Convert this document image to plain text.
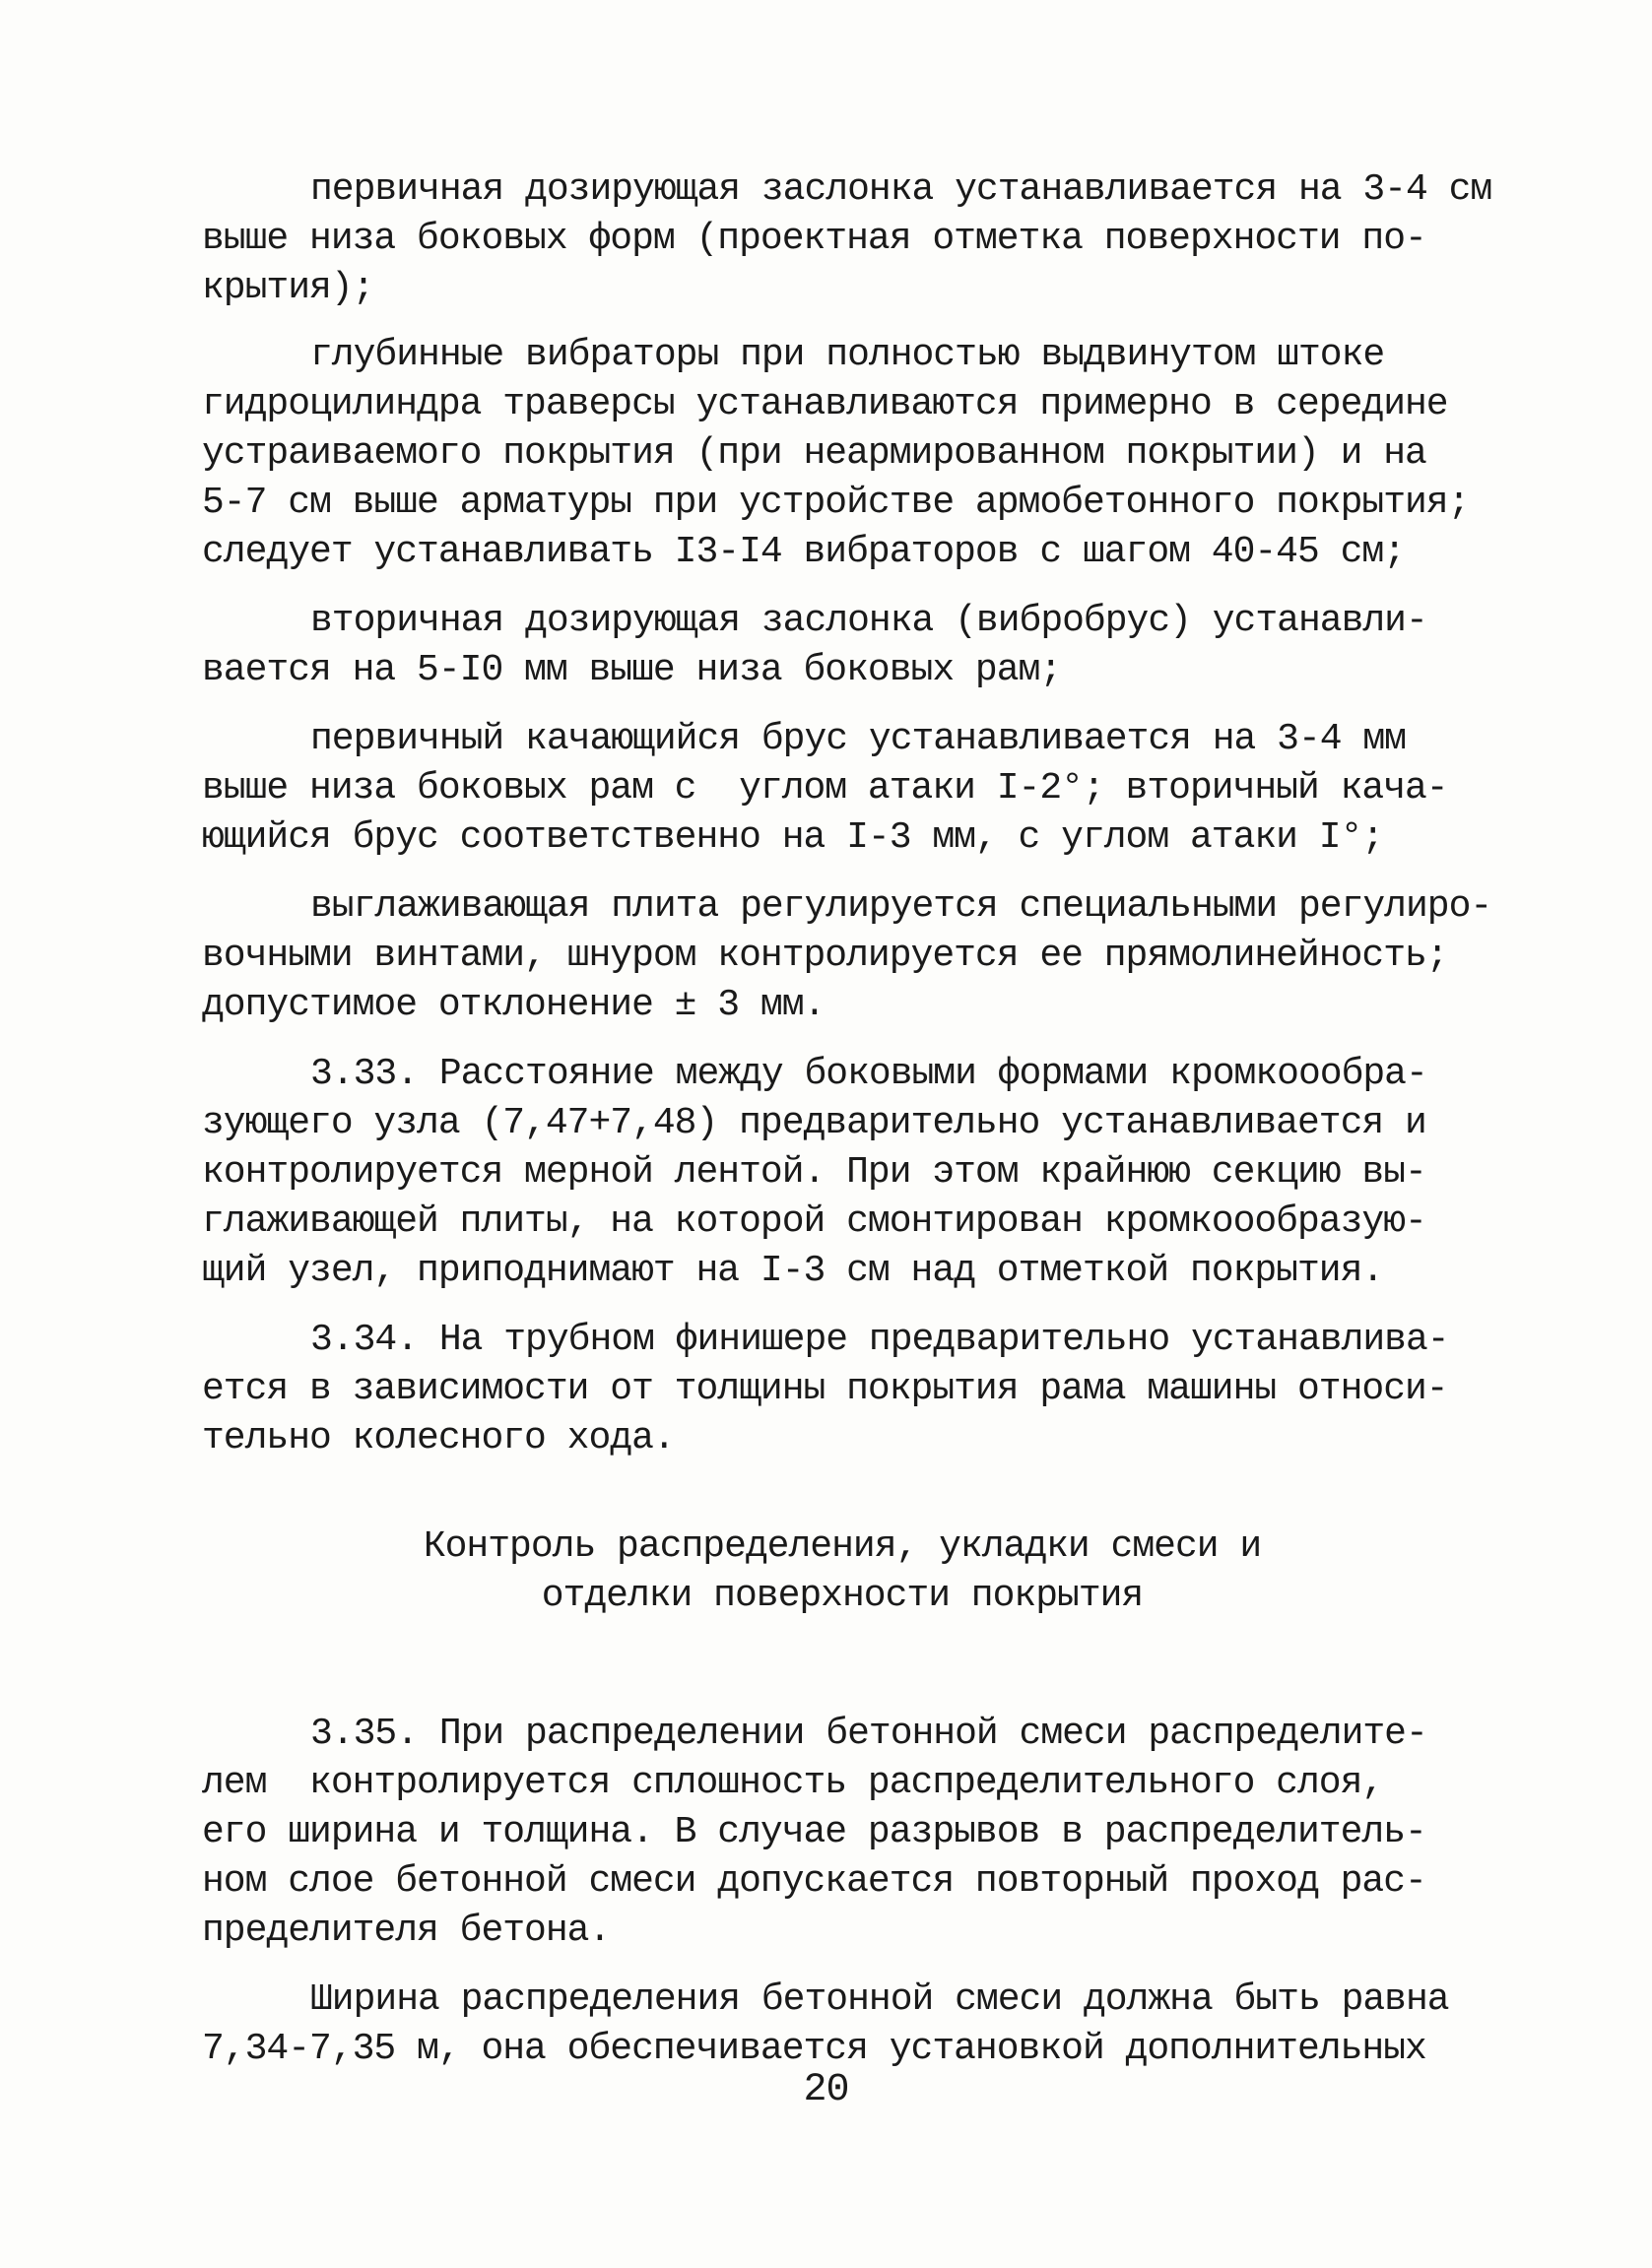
первичная дозирующая заслонка устанавливается на 3-4 см
выше низа боковых форм (проектная отметка поверхности по-
крытия);
глубинные вибраторы при полностью выдвинутом штоке
гидроцилиндра траверсы устанавливаются примерно в середине
устраиваемого покрытия (при неармированном покрытии) и на
5-7 см выше арматуры при устройстве армобетонного покрытия;
следует устанавливать I3-I4 вибраторов с шагом 40-45 см;
вторичная дозирующая заслонка (вибробрус) устанавли-
вается на 5-I0 мм выше низа боковых рам;
первичный качающийся брус устанавливается на 3-4 мм
выше низа боковых рам с  углом атаки I-2°; вторичный кача-
ющийся брус соответственно на I-3 мм, с углом атаки I°;
выглаживающая плита регулируется специальными регулиро-
вочными винтами, шнуром контролируется ее прямолинейность;
допустимое отклонение ± 3 мм.
3.33. Расстояние между боковыми формами кромкоообра-
зующего узла (7,47+7,48) предварительно устанавливается и
контролируется мерной лентой. При этом крайнюю секцию вы-
глаживающей плиты, на которой смонтирован кромкоообразую-
щий узел, приподнимают на I-3 см над отметкой покрытия.
3.34. На трубном финишере предварительно устанавлива-
ется в зависимости от толщины покрытия рама машины относи-
тельно колесного хода.
Контроль распределения, укладки смеси и
отделки поверхности покрытия
3.35. При распределении бетонной смеси распределите-
лем  контролируется сплошность распределительного слоя,
его ширина и толщина. В случае разрывов в распределитель-
ном слое бетонной смеси допускается повторный проход рас-
пределителя бетона.
Ширина распределения бетонной смеси должна быть равна
7,34-7,35 м, она обеспечивается установкой дополнительных
20
